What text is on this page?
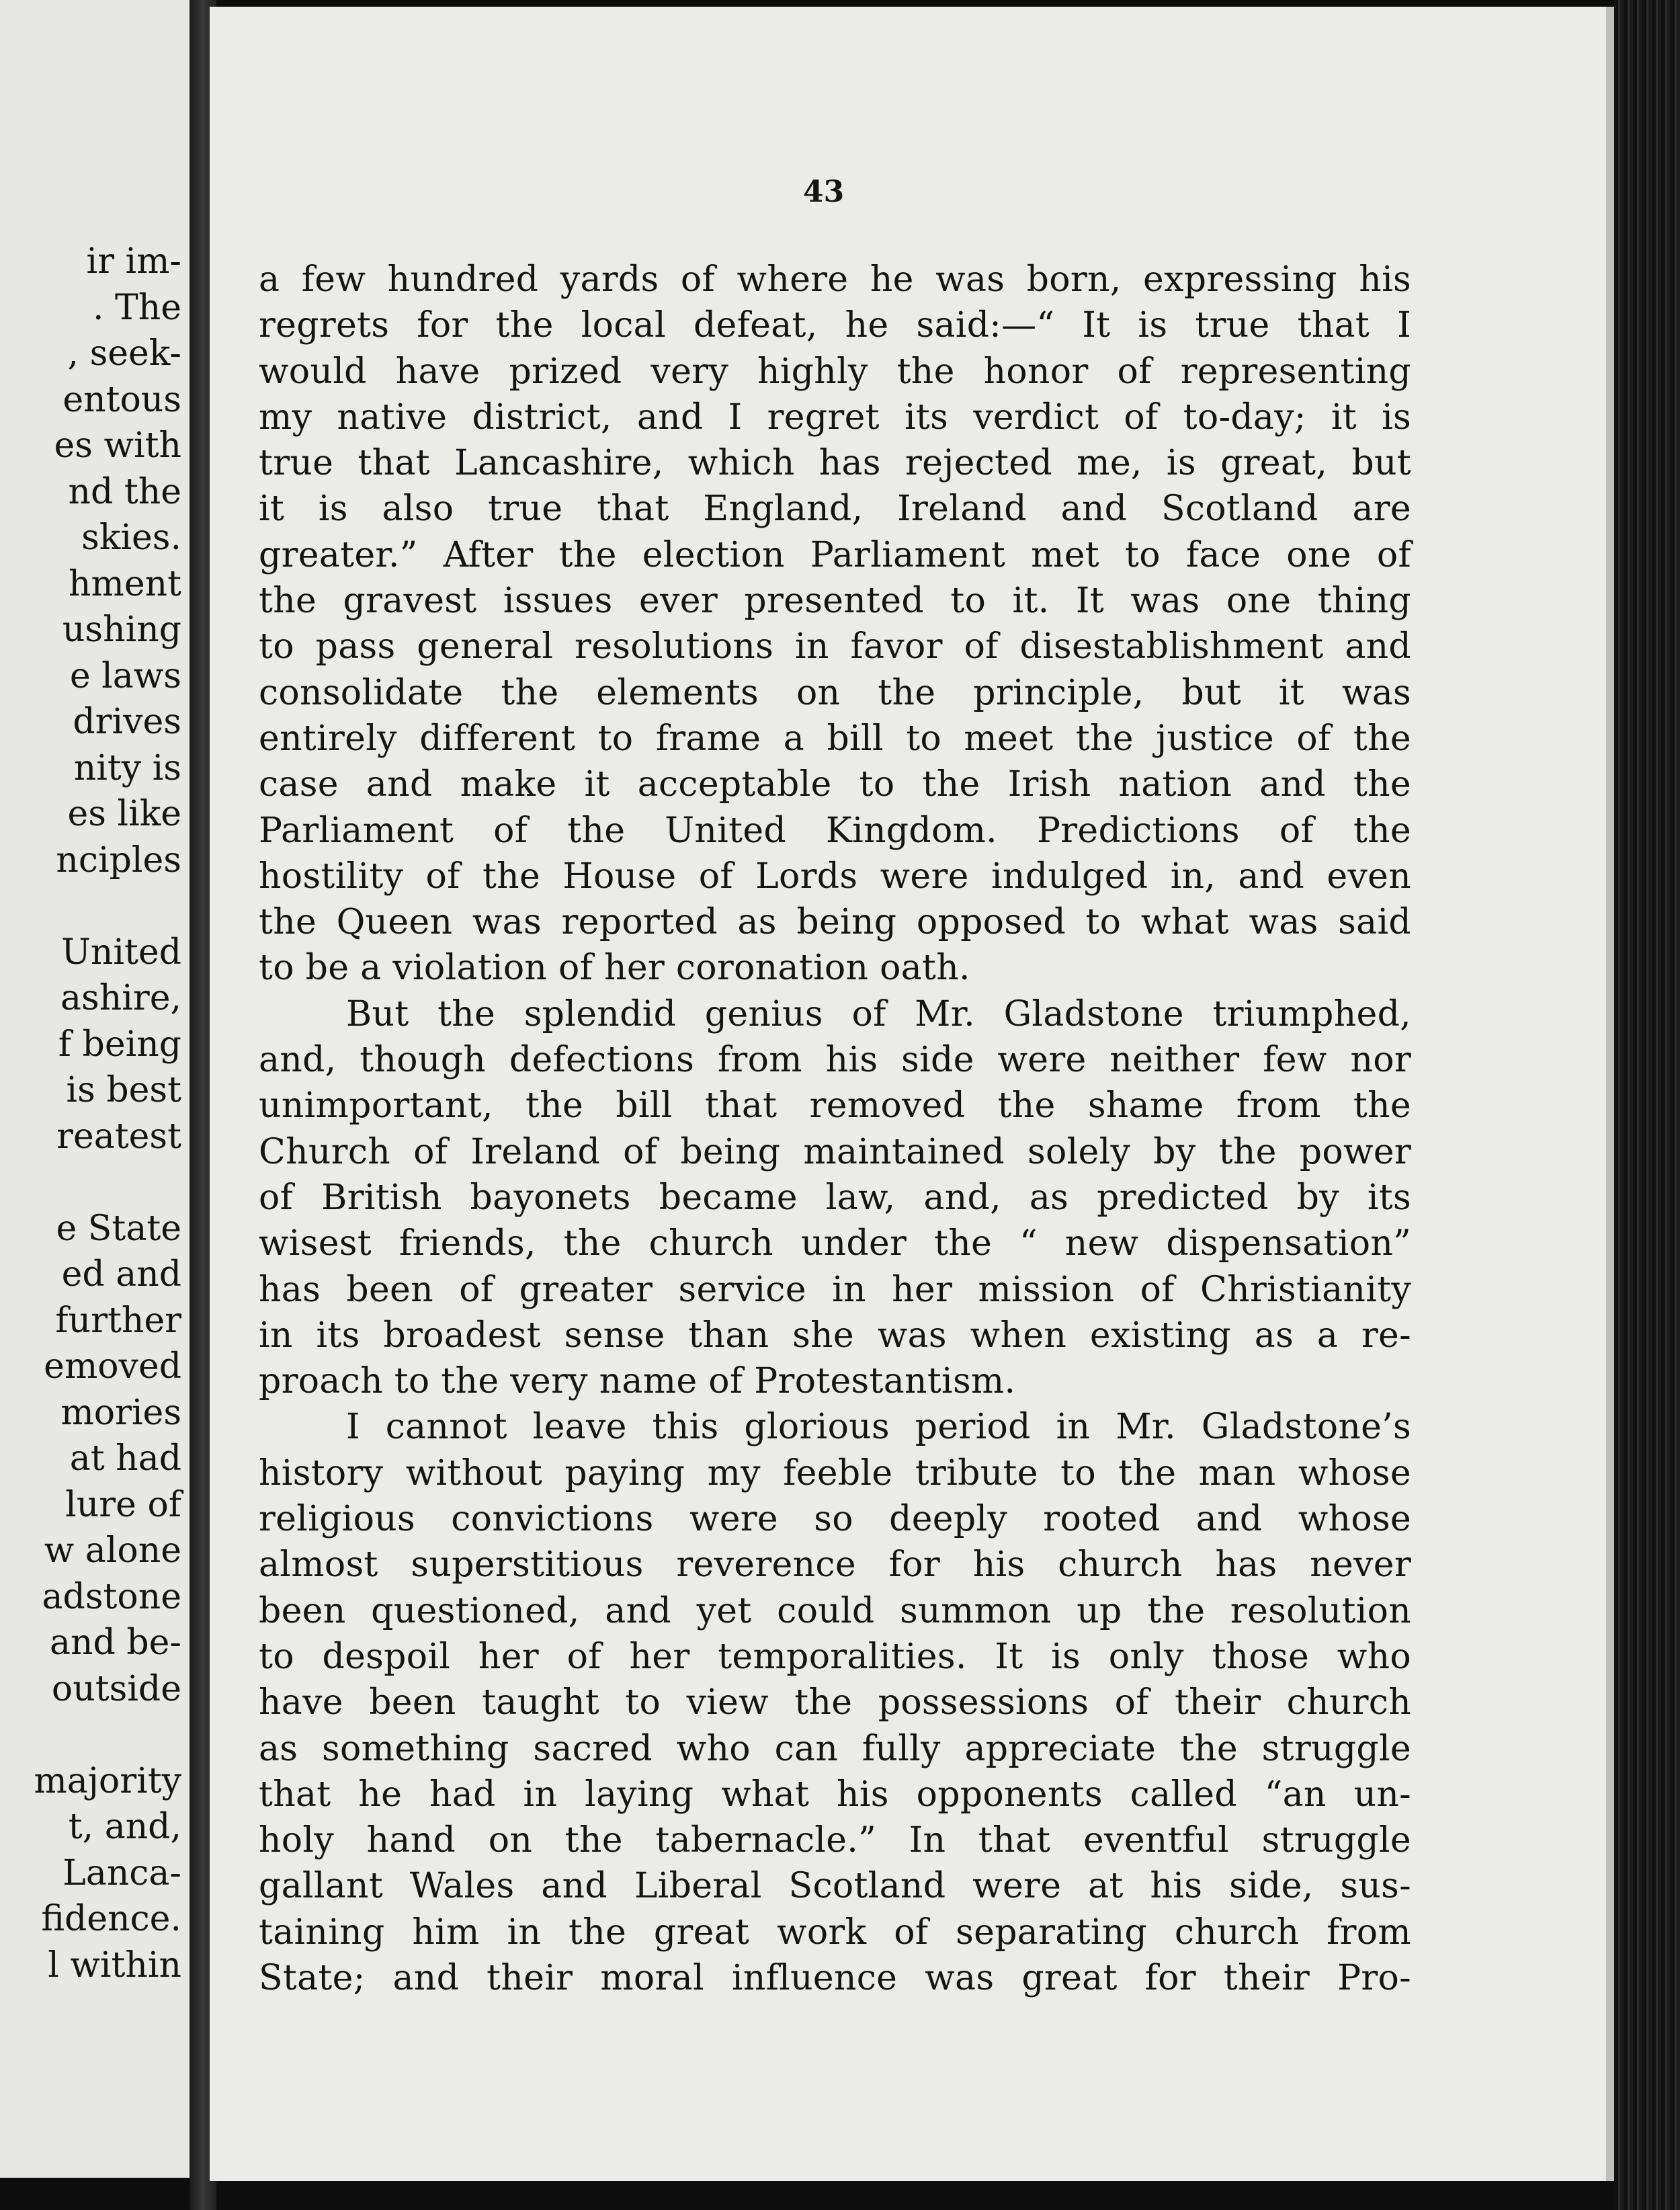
ir im-
. The
, seek-
entous
es with
nd the
skies.
hment
ushing
e laws
drives
nity is
es like
nciples
United
ashire,
f being
is best
reatest
e State
ed and
further
emoved
mories
at had
lure of
w alone
adstone
and be-
outside
majority
t, and,
Lanca-
fidence.
l within
43
a few hundred yards of where he was born, expressing his
regrets for the local defeat, he said:—“ It is true that I
would have prized very highly the honor of representing
my native district, and I regret its verdict of to-day; it is
true that Lancashire, which has rejected me, is great, but
it is also true that England, Ireland and Scotland are
greater.” After the election Parliament met to face one of
the gravest issues ever presented to it. It was one thing
to pass general resolutions in favor of disestablishment and
consolidate the elements on the principle, but it was
entirely different to frame a bill to meet the justice of the
case and make it acceptable to the Irish nation and the
Parliament of the United Kingdom. Predictions of the
hostility of the House of Lords were indulged in, and even
the Queen was reported as being opposed to what was said
to be a violation of her coronation oath.
But the splendid genius of Mr. Gladstone triumphed,
and, though defections from his side were neither few nor
unimportant, the bill that removed the shame from the
Church of Ireland of being maintained solely by the power
of British bayonets became law, and, as predicted by its
wisest friends, the church under the “ new dispensation”
has been of greater service in her mission of Christianity
in its broadest sense than she was when existing as a re-
proach to the very name of Protestantism.
I cannot leave this glorious period in Mr. Gladstone’s
history without paying my feeble tribute to the man whose
religious convictions were so deeply rooted and whose
almost superstitious reverence for his church has never
been questioned, and yet could summon up the resolution
to despoil her of her temporalities. It is only those who
have been taught to view the possessions of their church
as something sacred who can fully appreciate the struggle
that he had in laying what his opponents called “an un-
holy hand on the tabernacle.” In that eventful struggle
gallant Wales and Liberal Scotland were at his side, sus-
taining him in the great work of separating church from
State; and their moral influence was great for their Pro-
